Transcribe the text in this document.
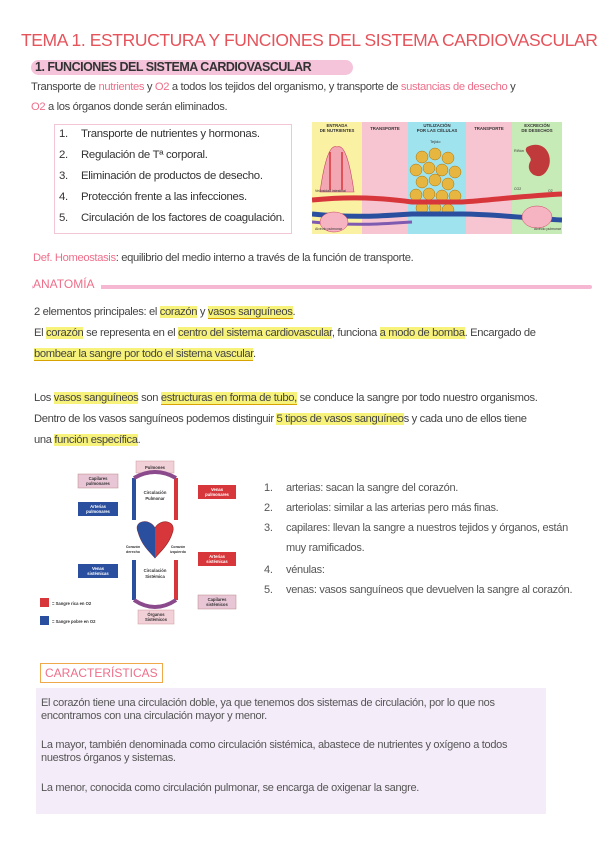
TEMA 1. ESTRUCTURA Y FUNCIONES DEL SISTEMA CARDIOVASCULAR
1. FUNCIONES DEL SISTEMA CARDIOVASCULAR
Transporte de nutrientes y O2 a todos los tejidos del organismo, y transporte de sustancias de desecho y
O2 a los órganos donde serán eliminados.
1. Transporte de nutrientes y hormonas.
2. Regulación de Tª corporal.
3. Eliminación de productos de desecho.
4. Protección frente a las infecciones.
5. Circulación de los factores de coagulación.
ENTRADA
DE NUTRIENTES	TRANSPORTE
UTILIZACIÓN
POR LAS CÉLULAS	TRANSPORTE
EXCRECIÓN
DE DESECHOS
Vellosidad intestinal
Tejido
Alvéolo pulmonar	Alvéolo pulmonar
Riñón
CO2	O2
Def. Homeostasis: equilibrio del medio interno a través de la función de transporte.
ANATOMÍA
2 elementos principales: el corazón y vasos sanguíneos.
El corazón se representa en el centro del sistema cardiovascular, funciona a modo de bomba. Encargado de
bombear la sangre por todo el sistema vascular.
Los vasos sanguíneos son estructuras en forma de tubo, se conduce la sangre por todo nuestro organismos.
Dentro de los vasos sanguíneos podemos distinguir 5 tipos de vasos sanguíneos y cada uno de ellos tiene
una función específica.
Pulmones
Capilares
pulmonares
Circulación
Pulmonar
Venas
pulmonares
Arterias
pulmonares
Corazón
derecho
Corazón
izquierdo
Arterias
sistémicas
Venas
sistémicas
Circulación
Sistémica
Capilares
sistémicos
Órganos
Sistémicos
= Sangre rica en O2
= Sangre pobre en O2
1. arterias: sacan la sangre del corazón.
2. arteriolas: similar a las arterias pero más finas.
3. capilares: llevan la sangre a nuestros tejidos y órganos, están
muy ramificados.
4. vénulas:
5. venas: vasos sanguíneos que devuelven la sangre al corazón.
CARACTERÍSTICAS
El corazón tiene una circulación doble, ya que tenemos dos sistemas de circulación, por lo que nos
encontramos con una circulación mayor y menor.
La mayor, también denominada como circulación sistémica, abastece de nutrientes y oxígeno a todos
nuestros órganos y sistemas.
La menor, conocida como circulación pulmonar, se encarga de oxigenar la sangre.
